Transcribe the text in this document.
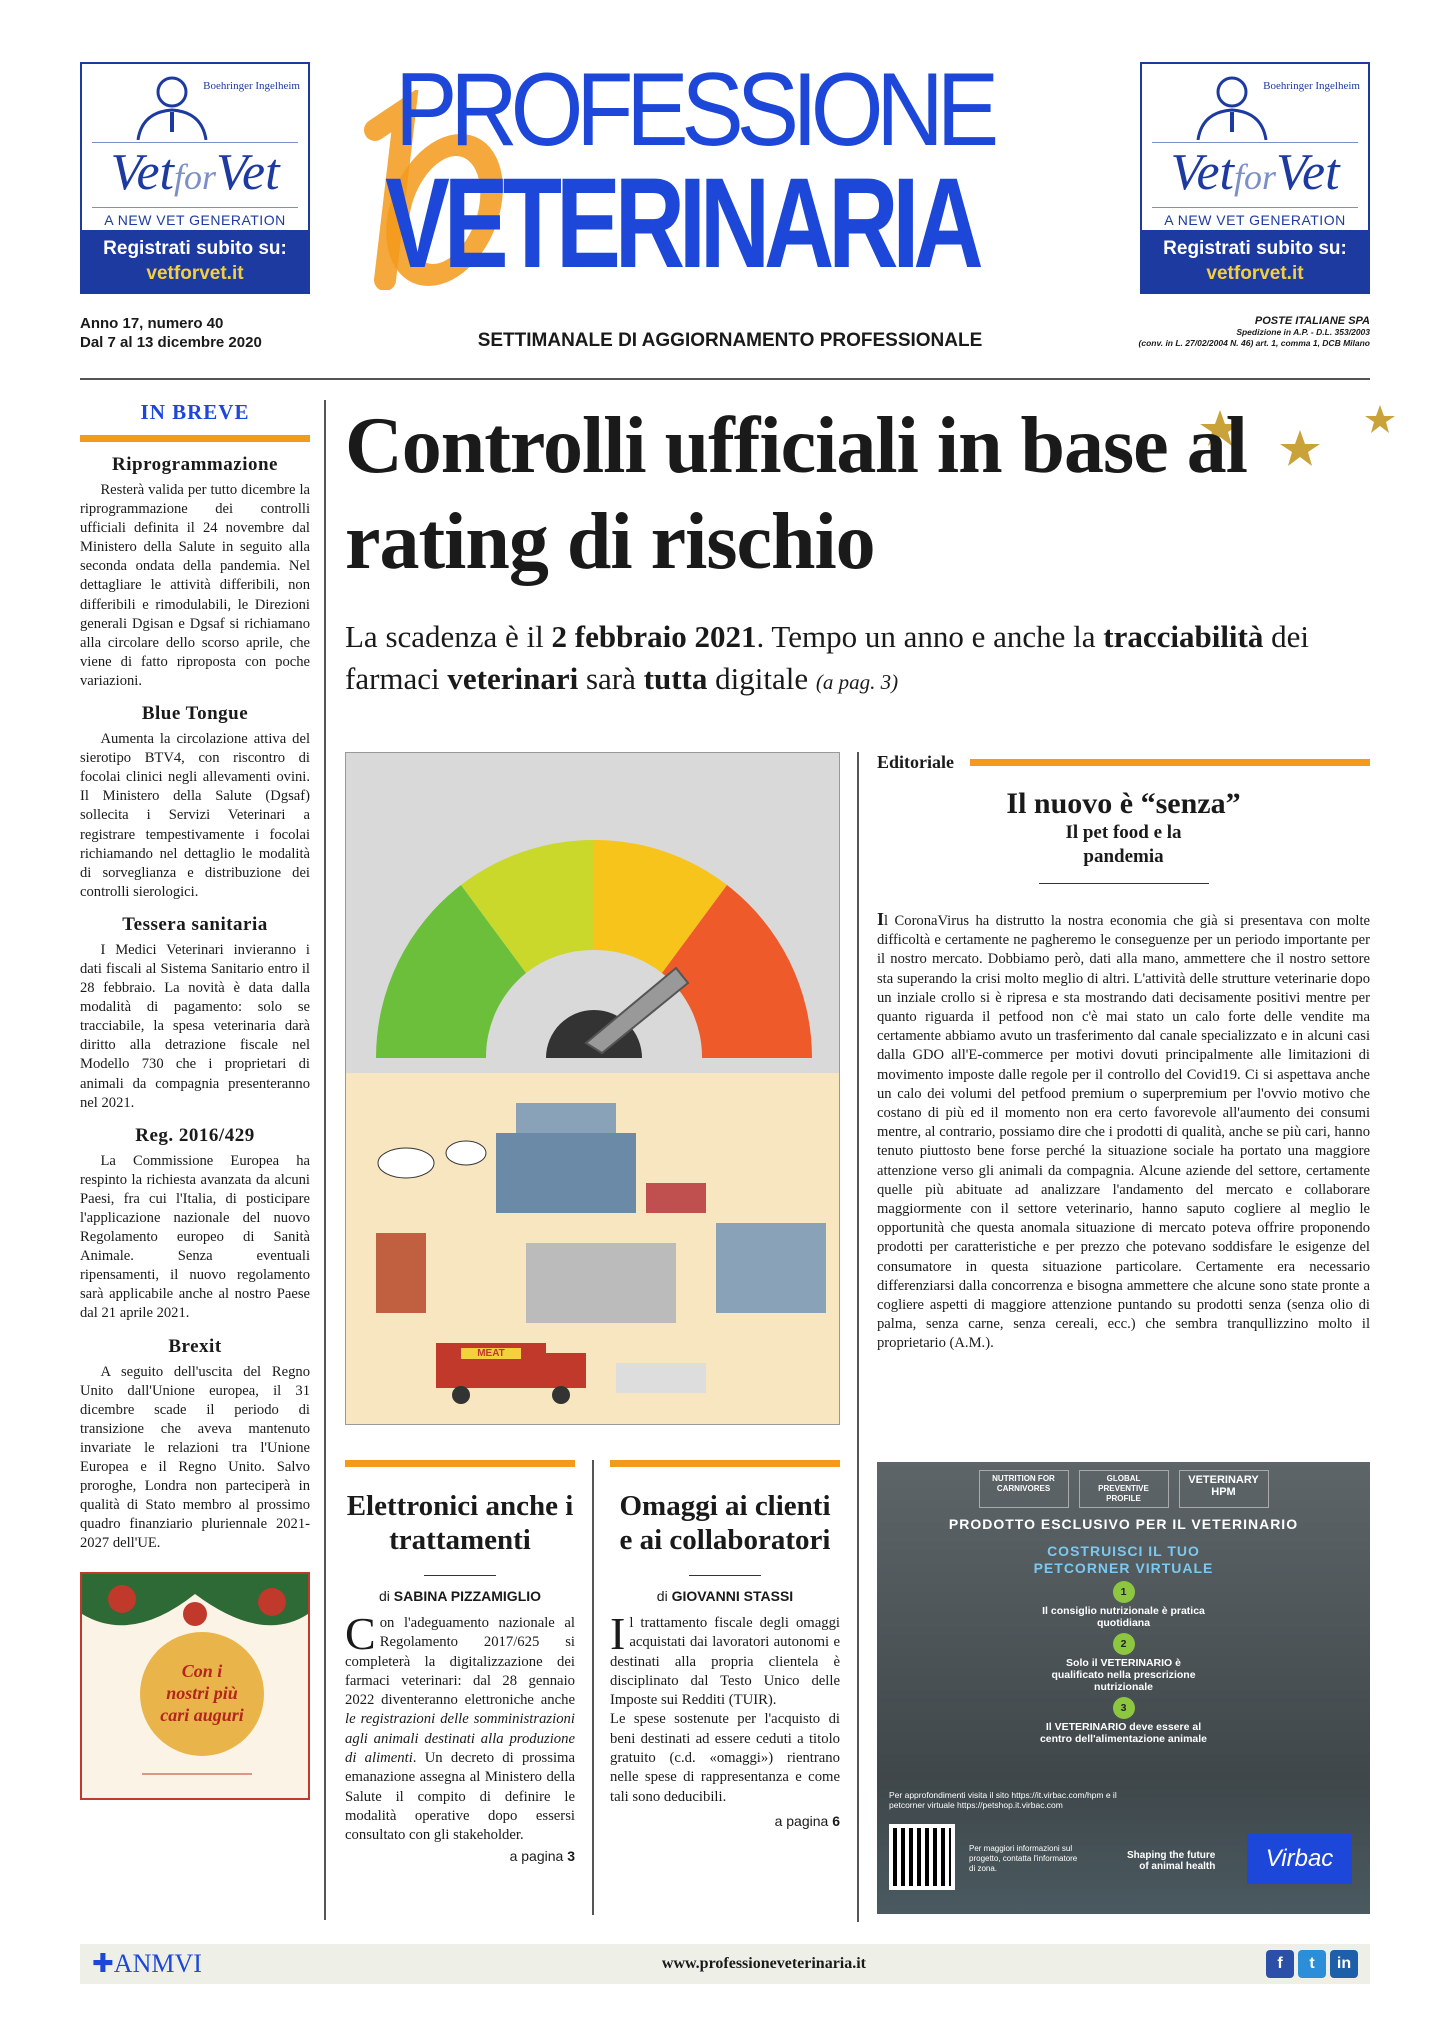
Boehringer Ingelheim
VetforVet
A NEW VET GENERATION
Registrati subito su:
vetforvet.it
Boehringer Ingelheim
VetforVet
A NEW VET GENERATION
Registrati subito su:
vetforvet.it
PROFESSIONE
VETERINARIA
Anno 17, numero 40
Dal 7 al 13 dicembre 2020	SETTIMANALE DI AGGIORNAMENTO PROFESSIONALE
POSTE ITALIANE SPA
Spedizione in A.P. - D.L. 353/2003
(conv. in L. 27/02/2004 N. 46) art. 1, comma 1, DCB Milano
IN BREVE
Riprogrammazione

Resterà valida per tutto dicembre la riprogrammazione dei controlli ufficiali definita il 24 novembre dal Ministero della Salute in seguito alla seconda ondata della pandemia. Nel dettagliare le attività differibili, non differibili e rimodulabili, le Direzioni generali Dgisan e Dgsaf si richiamano alla circolare dello scorso aprile, che viene di fatto riproposta con poche variazioni.

Blue Tongue

Aumenta la circolazione attiva del sierotipo BTV4, con riscontro di focolai clinici negli allevamenti ovini. Il Ministero della Salute (Dgsaf) sollecita i Servizi Veterinari a registrare tempestivamente i focolai richiamando nel dettaglio le modalità di sorveglianza e distribuzione dei controlli sierologici.

Tessera sanitaria

I Medici Veterinari invieranno i dati fiscali al Sistema Sanitario entro il 28 febbraio. La novità è data dalla modalità di pagamento: solo se tracciabile, la spesa veterinaria darà diritto alla detrazione fiscale nel Modello 730 che i proprietari di animali da compagnia presenteranno nel 2021.

Reg. 2016/429

La Commissione Europea ha respinto la richiesta avanzata da alcuni Paesi, fra cui l'Italia, di posticipare l'applicazione nazionale del nuovo Regolamento europeo di Sanità Animale. Senza eventuali ripensamenti, il nuovo regolamento sarà applicabile anche al nostro Paese dal 21 aprile 2021.

Brexit

A seguito dell'uscita del Regno Unito dall'Unione europea, il 31 dicembre scade il periodo di transizione che aveva mantenuto invariate le relazioni tra l'Unione Europea e il Regno Unito. Salvo proroghe, Londra non parteciperà in qualità di Stato membro al prossimo quadro finanziario pluriennale 2021-2027 dell'UE.

Con i
nostri più
cari auguri
Controlli ufficiali in base al rating di rischio
La scadenza è il 2 febbraio 2021. Tempo un anno e anche la tracciabilità dei farmaci veterinari sarà tutta digitale (a pag. 3)
MEAT
Editoriale
Il nuovo è “senza”
Il pet food e la pandemia

Il CoronaVirus ha distrutto la nostra economia che già si presentava con molte difficoltà e certamente ne pagheremo le conseguenze per un periodo importante per il nostro mercato. Dobbiamo però, dati alla mano, ammettere che il nostro settore sta superando la crisi molto meglio di altri. L'attività delle strutture veterinarie dopo un inziale crollo si è ripresa e sta mostrando dati decisamente positivi mentre per quanto riguarda il petfood non c'è mai stato un calo forte delle vendite ma certamente abbiamo avuto un trasferimento dal canale specializzato e in alcuni casi dalla GDO all'E-commerce per motivi dovuti principalmente alle limitazioni di movimento imposte dalle regole per il controllo del Covid19. Ci si aspettava anche un calo dei volumi del petfood premium o superpremium per l'ovvio motivo che costano di più ed il momento non era certo favorevole all'aumento dei consumi mentre, al contrario, possiamo dire che i prodotti di qualità, anche se più cari, hanno tenuto piuttosto bene forse perché la situazione sociale ha portato una maggiore attenzione verso gli animali da compagnia. Alcune aziende del settore, certamente quelle più abituate ad analizzare l'andamento del mercato e collaborare maggiormente con il settore veterinario, hanno saputo cogliere al meglio le opportunità che questa anomala situazione di mercato poteva offrire proponendo prodotti per caratteristiche e per prezzo che potevano soddisfare le esigenze del consumatore in questa situazione particolare. Certamente era necessario differenziarsi dalla concorrenza e bisogna ammettere che alcune sono state pronte a cogliere aspetti di maggiore attenzione puntando su prodotti senza (senza olio di palma, senza carne, senza cereali, ecc.) che sembra tranqullizzino molto il proprietario (A.M.).

Elettronici anche i trattamenti
di SABINA PIZZAMIGLIO

Con l'adeguamento nazionale al Regolamento 2017/625 si completerà la digitalizzazione dei farmaci veterinari: dal 28 gennaio 2022 diventeranno elettroniche anche le registrazioni delle somministrazioni agli animali destinati alla produzione di alimenti. Un decreto di prossima emanazione assegna al Ministero della Salute il compito di definire le modalità operative dopo essersi consultato con gli stakeholder.

a pagina 3
Omaggi ai clienti e ai collaboratori
di GIOVANNI STASSI

Il trattamento fiscale degli omaggi acquistati dai lavoratori autonomi e destinati alla propria clientela è disciplinato dal Testo Unico delle Imposte sui Redditi (TUIR).

Le spese sostenute per l'acquisto di beni destinati ad essere ceduti a titolo gratuito (c.d. «omaggi») rientrano nelle spese di rappresentanza e come tali sono deducibili.

a pagina 6
NUTRITION FOR CARNIVORES
GLOBAL PREVENTIVE PROFILE
VETERINARY HPM
PRODOTTO ESCLUSIVO PER IL VETERINARIO
COSTRUISCI IL TUO PETCORNER VIRTUALE
1
Il consiglio nutrizionale è pratica quotidiana
2
Solo il VETERINARIO è qualificato nella prescrizione nutrizionale
3
Il VETERINARIO deve essere al centro dell'alimentazione animale
Per approfondimenti visita il sito https://it.virbac.com/hpm e il petcorner virtuale https://petshop.it.virbac.com
Per maggiori informazioni sul progetto, contatta l'informatore di zona.
Shaping the future
of animal health	Virbac
✚ANMVI	www.professioneveterinaria.it	f	t	in
